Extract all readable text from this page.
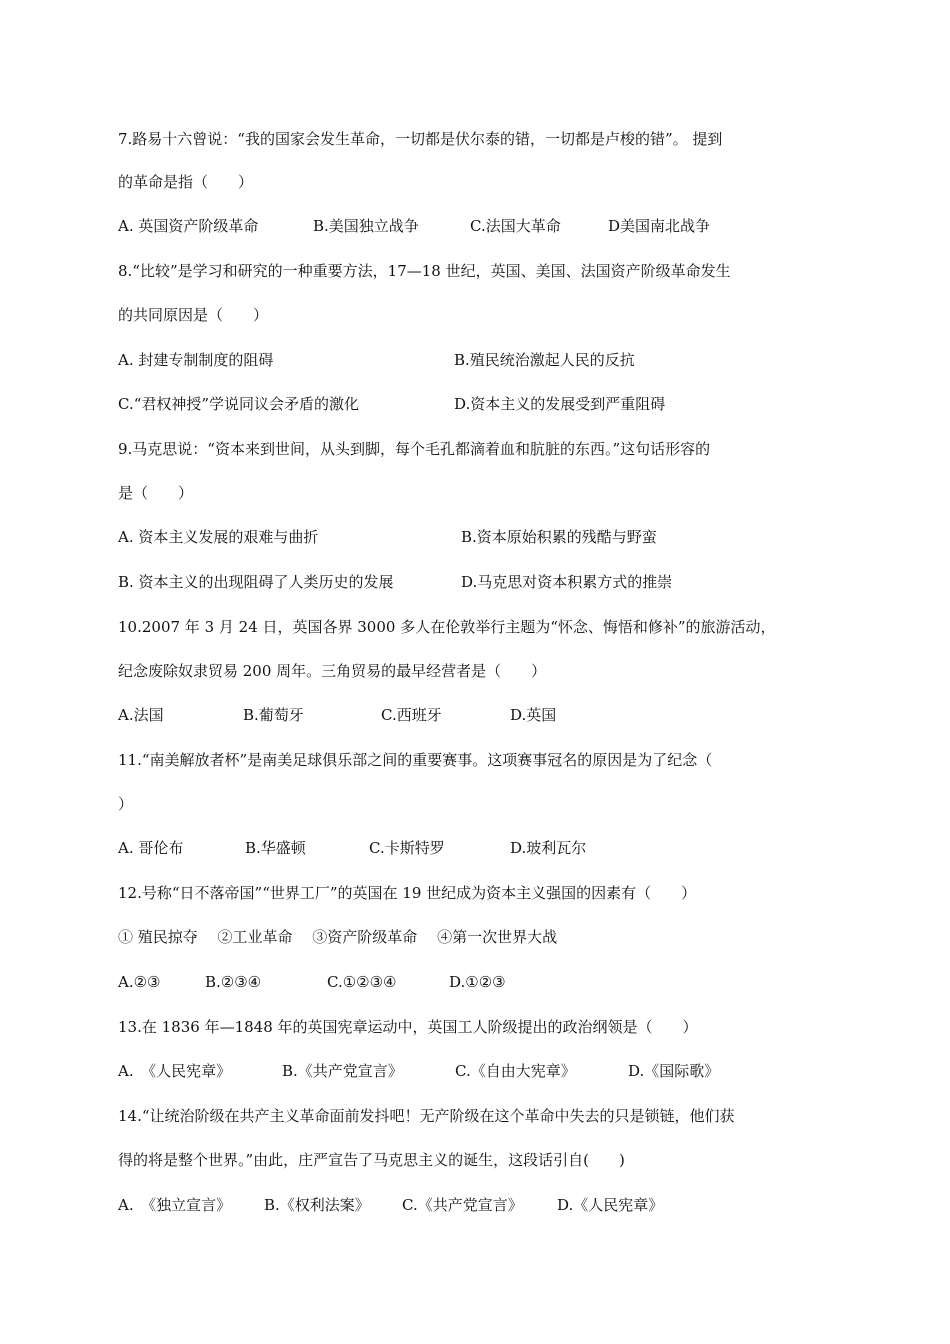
7.路易十六曾说：“我的国家会发生革命，一切都是伏尔泰的错，一切都是卢梭的错”。 提到
的革命是指（　　）
A. 英国资产阶级革命	B.美国独立战争	C.法国大革命	D美国南北战争
8.“比较”是学习和研究的一种重要方法，17—18 世纪，英国、美国、法国资产阶级革命发生
的共同原因是（　　）
A. 封建专制制度的阻碍	B.殖民统治激起人民的反抗
C.“君权神授”学说同议会矛盾的激化	D.资本主义的发展受到严重阻碍
9.马克思说：“资本来到世间，从头到脚，每个毛孔都滴着血和肮脏的东西。”这句话形容的
是（　　）
A. 资本主义发展的艰难与曲折	B.资本原始积累的残酷与野蛮
B. 资本主义的出现阻碍了人类历史的发展	D.马克思对资本积累方式的推崇
10.2007 年 3 月 24 日，英国各界 3000 多人在伦敦举行主题为“怀念、悔悟和修补”的旅游活动，
纪念废除奴隶贸易 200 周年。三角贸易的最早经营者是（　　）
A.法国	B.葡萄牙	C.西班牙	D.英国
11.“南美解放者杯”是南美足球俱乐部之间的重要赛事。这项赛事冠名的原因是为了纪念（
）
A. 哥伦布	B.华盛顿	C.卡斯特罗	D.玻利瓦尔
12.号称“日不落帝国”“世界工厂”的英国在 19 世纪成为资本主义强国的因素有（　　）
① 殖民掠夺　 ②工业革命　 ③资产阶级革命　 ④第一次世界大战
A.②③	B.②③④	C.①②③④	D.①②③
13.在 1836 年—1848 年的英国宪章运动中，英国工人阶级提出的政治纲领是（　　）
A.　《人民宪章》	B.《共产党宣言》	C.《自由大宪章》	D.《国际歌》
14.“让统治阶级在共产主义革命面前发抖吧！无产阶级在这个革命中失去的只是锁链，他们获
得的将是整个世界。”由此，庄严宣告了马克思主义的诞生，这段话引自(　　)
A.　《独立宣言》 B.《权利法案》 C.《共产党宣言》 D.《人民宪章》
